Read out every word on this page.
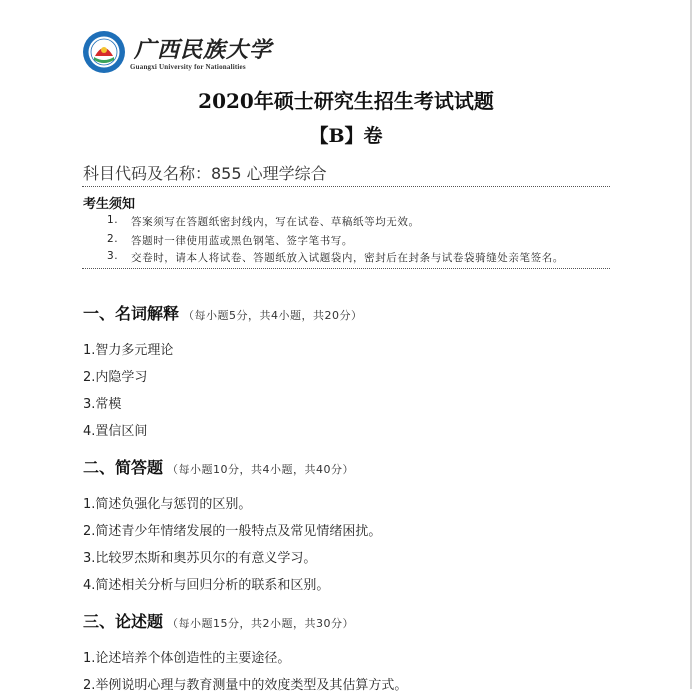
广西民族大学
Guangxi University for Nationalities
2020年硕士研究生招生考试试题
【B】卷
科目代码及名称：855 心理学综合
考生须知
1. 答案须写在答题纸密封线内，写在试卷、草稿纸等均无效。
2. 答题时一律使用蓝或黑色钢笔、签字笔书写。
3. 交卷时，请本人将试卷、答题纸放入试题袋内，密封后在封条与试卷袋骑缝处亲笔签名。
一、名词解释 （每小题5分，共4小题，共20分）
1.智力多元理论
2.内隐学习
3.常模
4.置信区间
二、简答题 （每小题10分，共4小题，共40分）
1.简述负强化与惩罚的区别。
2.简述青少年情绪发展的一般特点及常见情绪困扰。
3.比较罗杰斯和奥苏贝尔的有意义学习。
4.简述相关分析与回归分析的联系和区别。
三、论述题 （每小题15分，共2小题，共30分）
1.论述培养个体创造性的主要途径。
2.举例说明心理与教育测量中的效度类型及其估算方式。
